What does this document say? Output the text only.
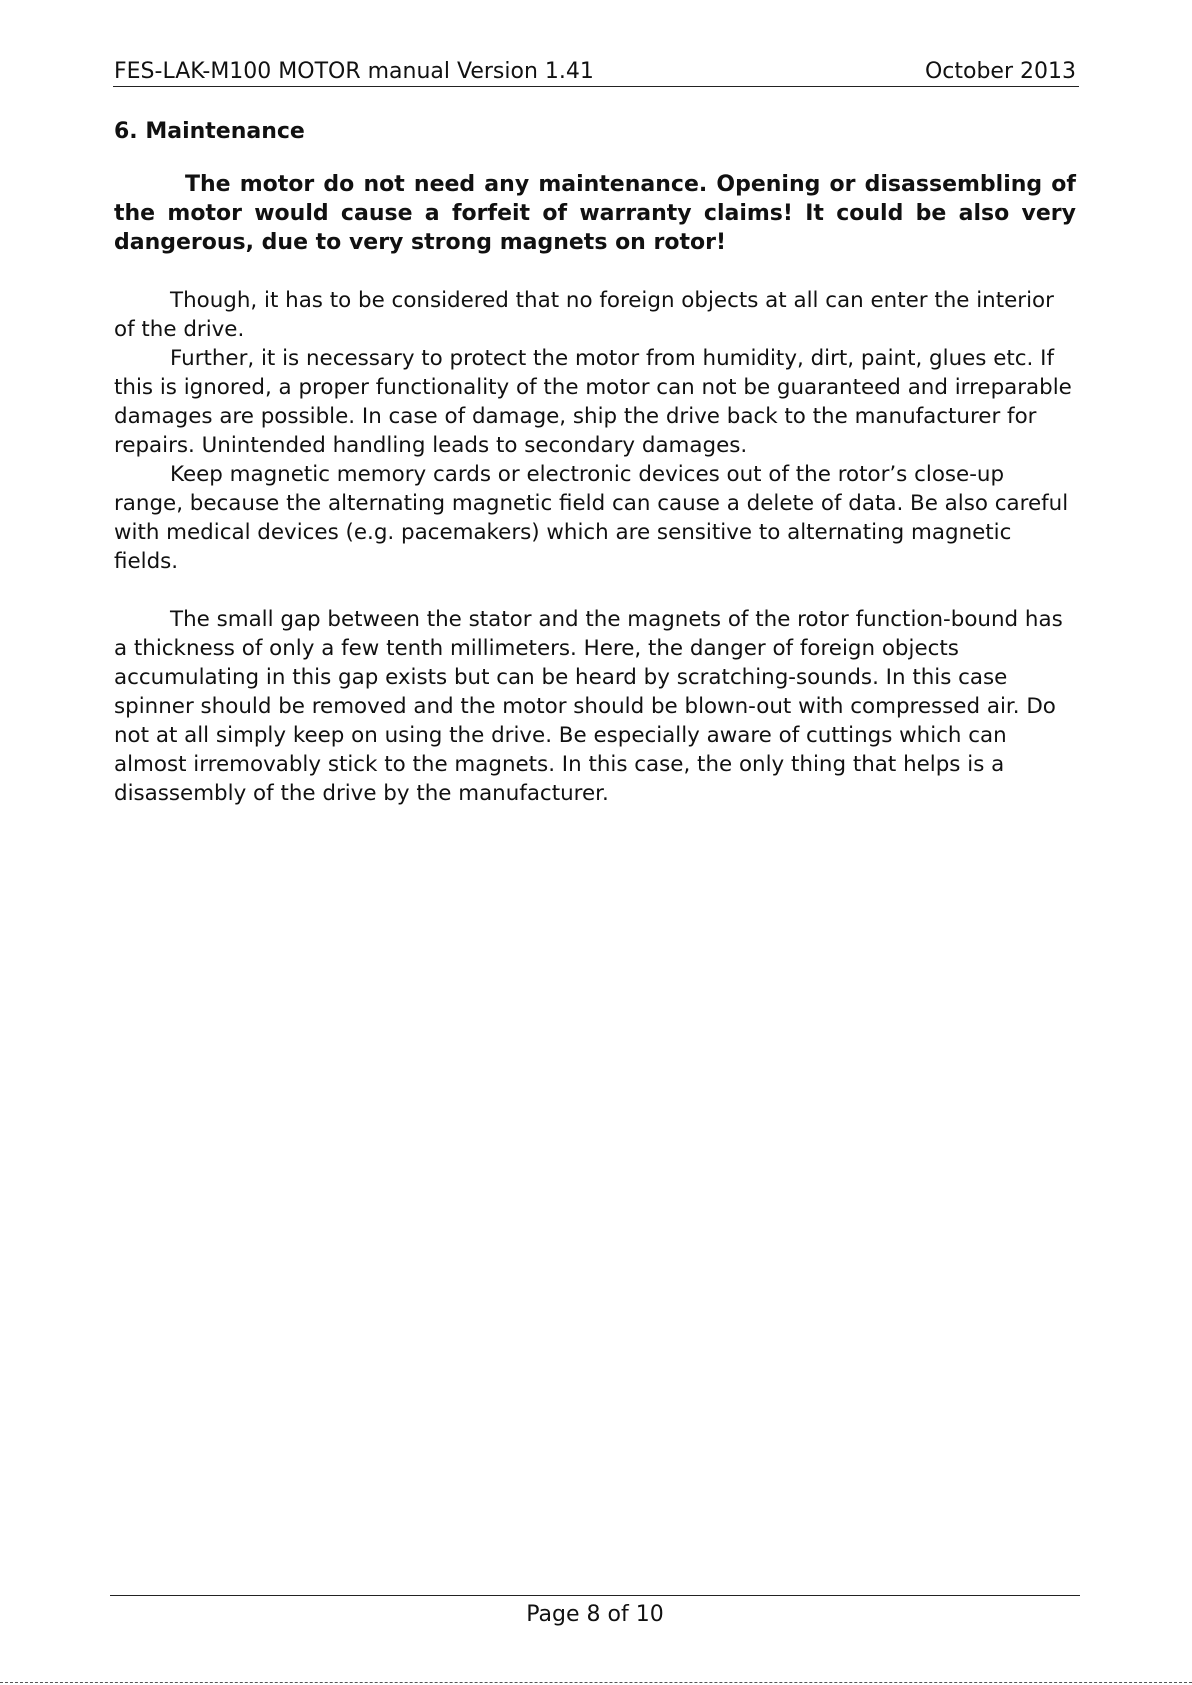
FES-LAK-M100 MOTOR manual Version 1.41	October 2013
6. Maintenance

The motor do not need any maintenance. Opening or disassembling of the motor would cause a forfeit of warranty claims! It could be also very dangerous, due to very strong magnets on rotor!

Though, it has to be considered that no foreign objects at all can enter the interior of the drive.

Further, it is necessary to protect the motor from humidity, dirt, paint, glues etc. If this is ignored, a proper functionality of the motor can not be guaranteed and irreparable damages are possible. In case of damage, ship the drive back to the manufacturer for repairs. Unintended handling leads to secondary damages.

Keep magnetic memory cards or electronic devices out of the rotor’s close-up range, because the alternating magnetic field can cause a delete of data. Be also careful with medical devices (e.g. pacemakers) which are sensitive to alternating magnetic fields.

The small gap between the stator and the magnets of the rotor function-bound has a thickness of only a few tenth millimeters. Here, the danger of foreign objects accumulating in this gap exists but can be heard by scratching-sounds. In this case spinner should be removed and the motor should be blown-out with compressed air. Do not at all simply keep on using the drive. Be especially aware of cuttings which can almost irremovably stick to the magnets. In this case, the only thing that helps is a disassembly of the drive by the manufacturer.

Page 8 of 10
